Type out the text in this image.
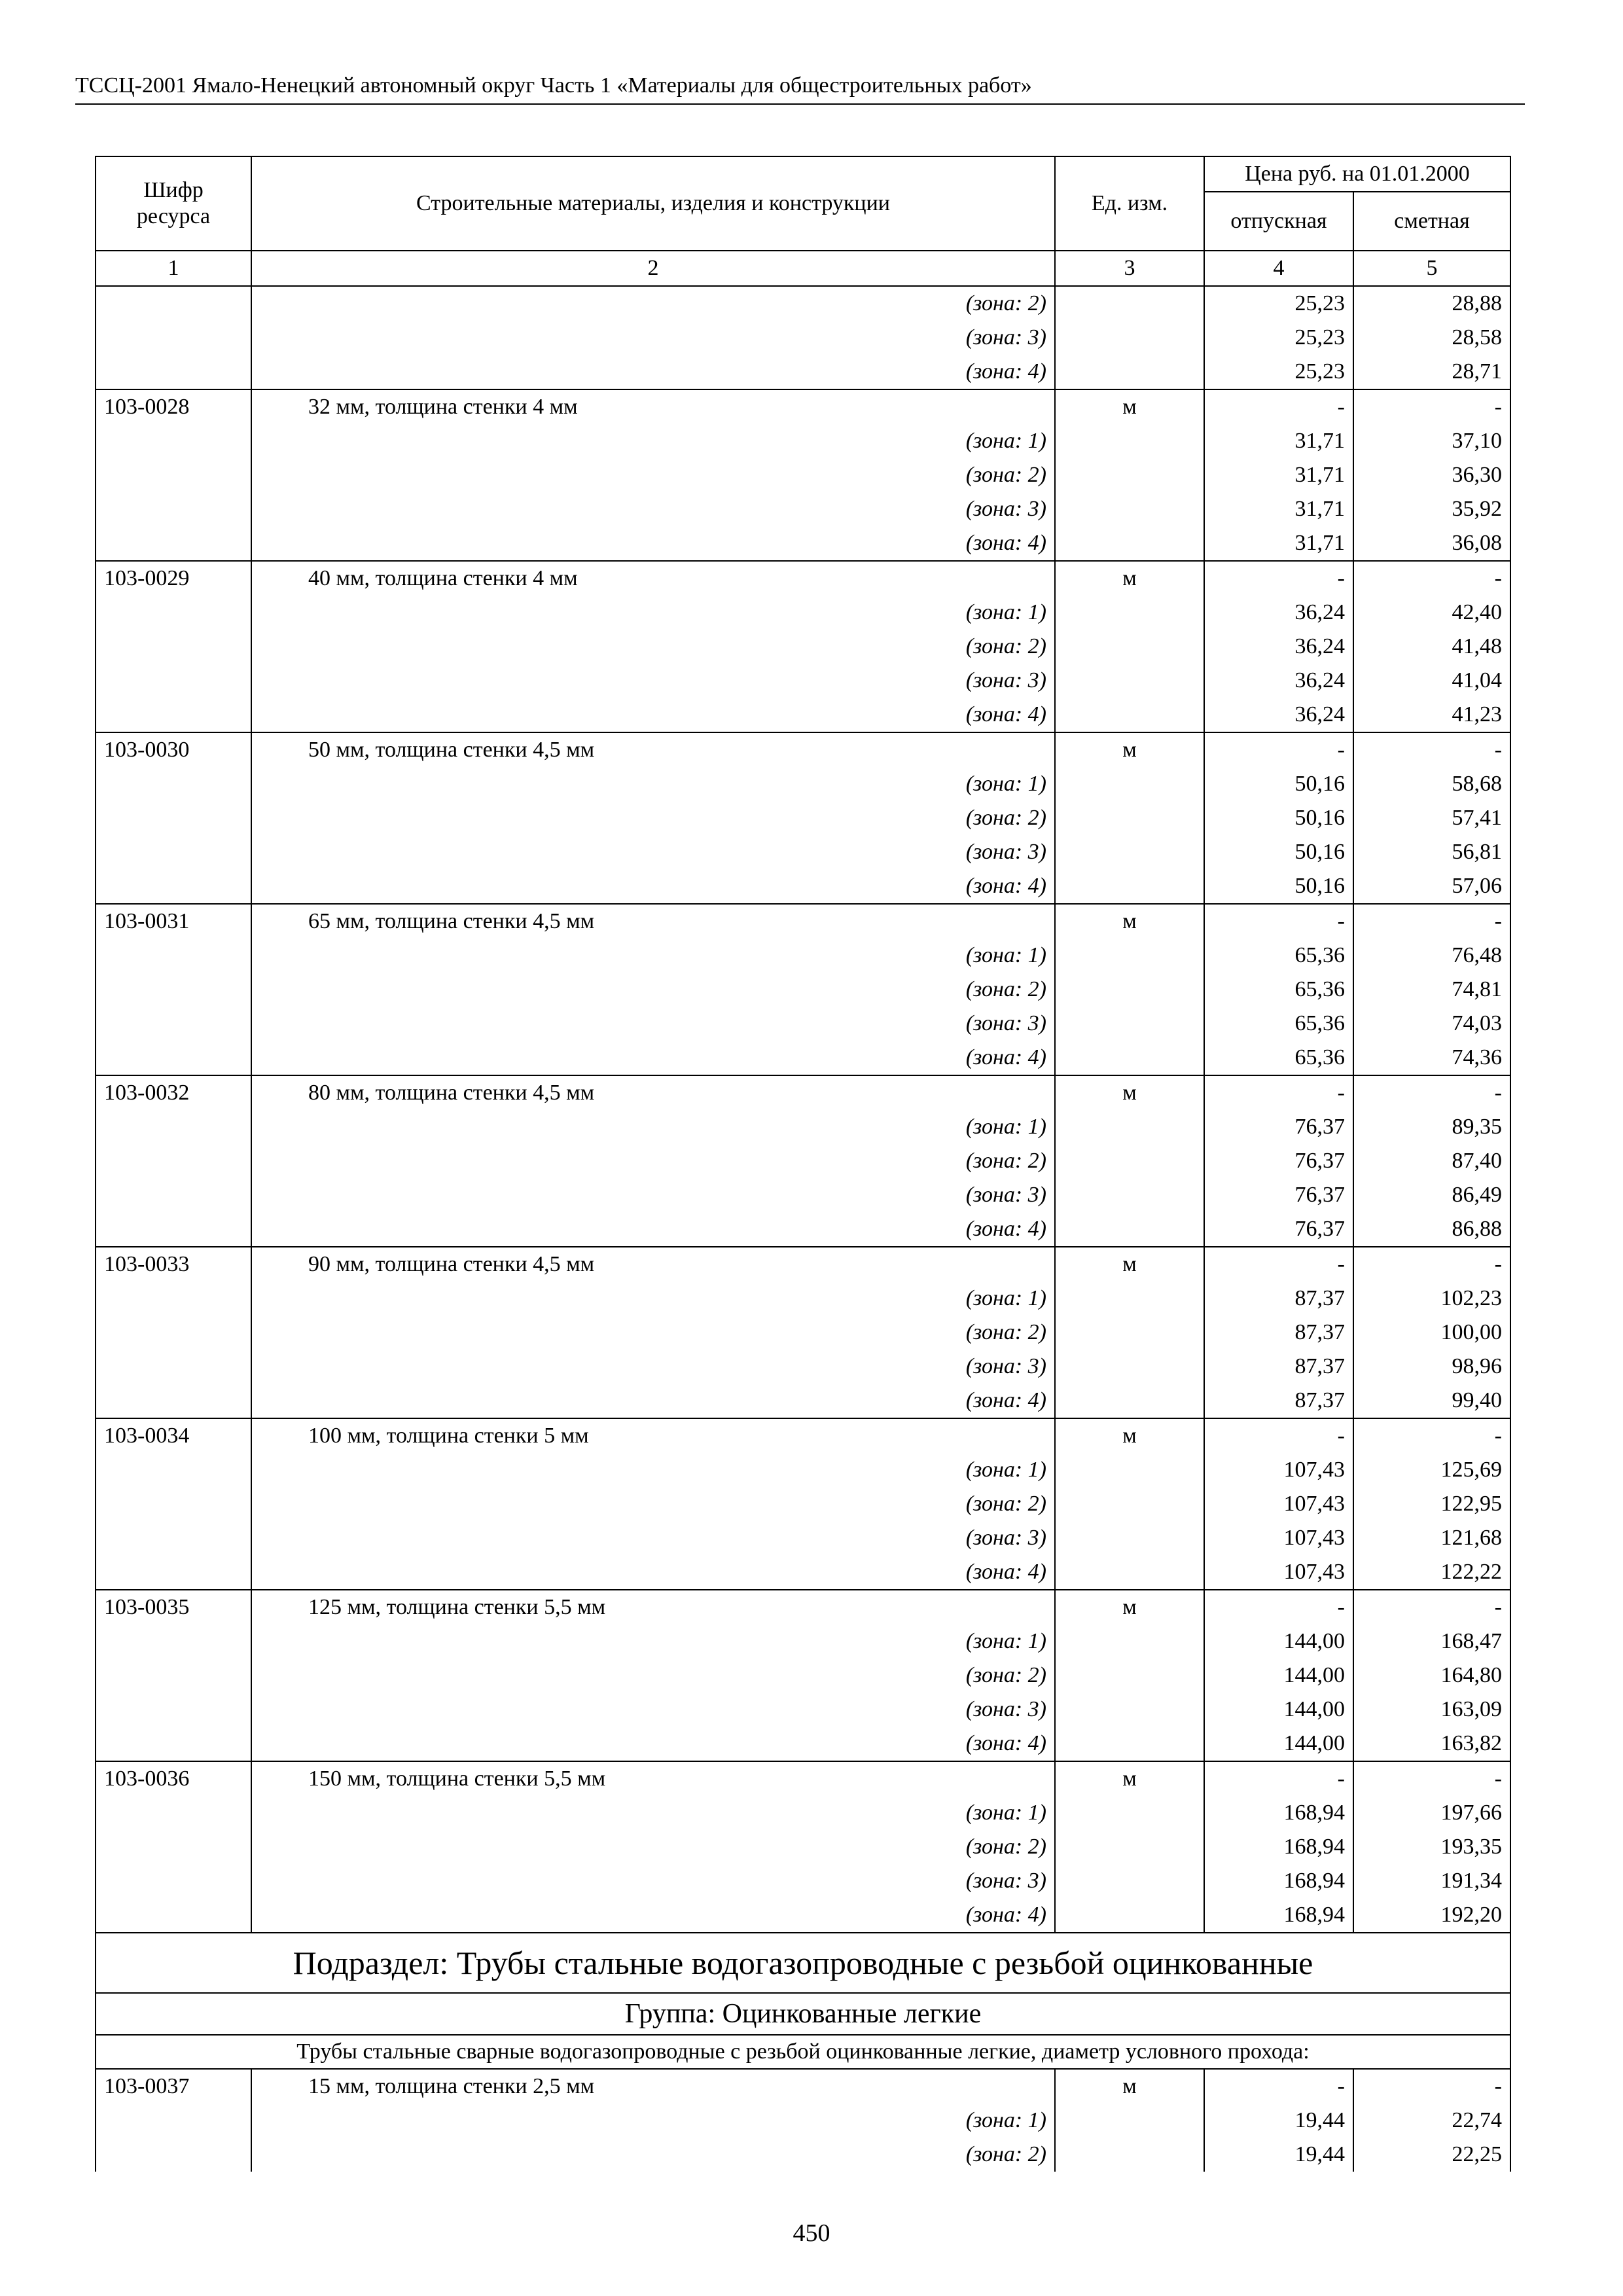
ТССЦ-2001 Ямало-Ненецкий автономный округ Часть 1 «Материалы для общестроительных работ»
Шифр ресурса	Строительные материалы, изделия и конструкции	Ед. изм.	Цена руб. на 01.01.2000	
			отпускная	сметная
1	2	3	4	5
	(зона: 2)		25,23	28,88
	(зона: 3)		25,23	28,58
	(зона: 4)		25,23	28,71
103-0028	32 мм, толщина стенки 4 мм	м	-	-
	(зона: 1)		31,71	37,10
	(зона: 2)		31,71	36,30
	(зона: 3)		31,71	35,92
	(зона: 4)		31,71	36,08
103-0029	40 мм, толщина стенки 4 мм	м	-	-
	(зона: 1)		36,24	42,40
	(зона: 2)		36,24	41,48
	(зона: 3)		36,24	41,04
	(зона: 4)		36,24	41,23
103-0030	50 мм, толщина стенки 4,5 мм	м	-	-
	(зона: 1)		50,16	58,68
	(зона: 2)		50,16	57,41
	(зона: 3)		50,16	56,81
	(зона: 4)		50,16	57,06
103-0031	65 мм, толщина стенки 4,5 мм	м	-	-
	(зона: 1)		65,36	76,48
	(зона: 2)		65,36	74,81
	(зона: 3)		65,36	74,03
	(зона: 4)		65,36	74,36
103-0032	80 мм, толщина стенки 4,5 мм	м	-	-
	(зона: 1)		76,37	89,35
	(зона: 2)		76,37	87,40
	(зона: 3)		76,37	86,49
	(зона: 4)		76,37	86,88
103-0033	90 мм, толщина стенки 4,5 мм	м	-	-
	(зона: 1)		87,37	102,23
	(зона: 2)		87,37	100,00
	(зона: 3)		87,37	98,96
	(зона: 4)		87,37	99,40
103-0034	100 мм, толщина стенки 5 мм	м	-	-
	(зона: 1)		107,43	125,69
	(зона: 2)		107,43	122,95
	(зона: 3)		107,43	121,68
	(зона: 4)		107,43	122,22
103-0035	125 мм, толщина стенки 5,5 мм	м	-	-
	(зона: 1)		144,00	168,47
	(зона: 2)		144,00	164,80
	(зона: 3)		144,00	163,09
	(зона: 4)		144,00	163,82
103-0036	150 мм, толщина стенки 5,5 мм	м	-	-
	(зона: 1)		168,94	197,66
	(зона: 2)		168,94	193,35
	(зона: 3)		168,94	191,34
	(зона: 4)		168,94	192,20
Подраздел: Трубы стальные водогазопроводные с резьбой оцинкованные				
Группа: Оцинкованные легкие				
Трубы стальные сварные водогазопроводные с резьбой оцинкованные легкие, диаметр условного прохода:				
103-0037	15 мм, толщина стенки 2,5 мм	м	-	-
	(зона: 1)		19,44	22,74
	(зона: 2)		19,44	22,25
450
